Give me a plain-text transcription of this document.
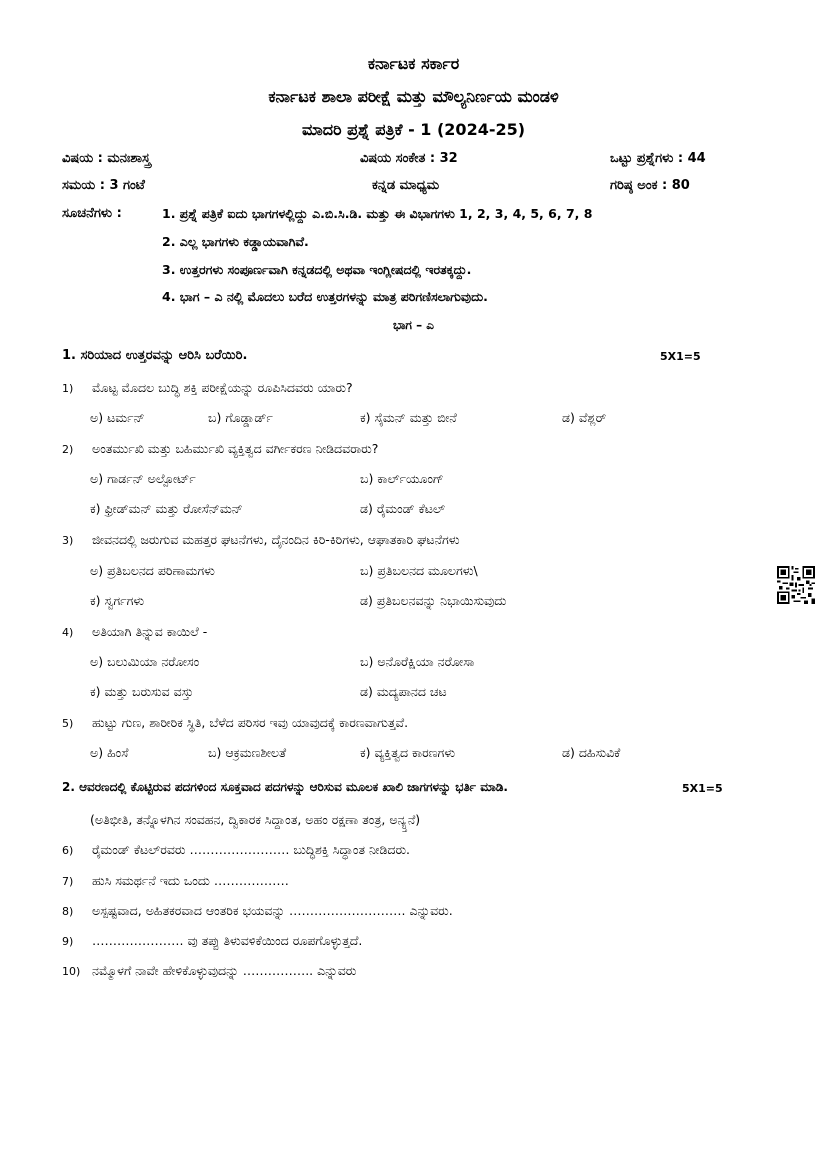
ಕರ್ನಾಟಕ ಸರ್ಕಾರ
ಕರ್ನಾಟಕ ಶಾಲಾ ಪರೀಕ್ಷೆ ಮತ್ತು ಮೌಲ್ಯನಿರ್ಣಯ ಮಂಡಳಿ
ಮಾದರಿ ಪ್ರಶ್ನೆ ಪತ್ರಿಕೆ - 1 (2024-25)
ವಿಷಯ : ಮನಃಶಾಸ್ತ್ರ	ವಿಷಯ ಸಂಕೇತ : 32	ಒಟ್ಟು ಪ್ರಶ್ನೆಗಳು : 44
ಸಮಯ : 3 ಗಂಟೆ	ಕನ್ನಡ ಮಾಧ್ಯಮ	ಗರಿಷ್ಠ ಅಂಕ : 80
ಸೂಚನೆಗಳು :	1. ಪ್ರಶ್ನೆ ಪತ್ರಿಕೆ ಐದು ಭಾಗಗಳಲ್ಲಿದ್ದು ಎ.ಬಿ.ಸಿ.ಡಿ. ಮತ್ತು ಈ ವಿಭಾಗಗಳು 1, 2, 3, 4, 5, 6, 7, 8
2. ಎಲ್ಲ ಭಾಗಗಳು ಕಡ್ಡಾಯವಾಗಿವೆ.
3. ಉತ್ತರಗಳು ಸಂಪೂರ್ಣವಾಗಿ ಕನ್ನಡದಲ್ಲಿ ಅಥವಾ ಇಂಗ್ಲೀಷದಲ್ಲಿ ಇರತಕ್ಕದ್ದು.
4. ಭಾಗ – ಎ ನಲ್ಲಿ ಮೊದಲು ಬರೆದ ಉತ್ತರಗಳನ್ನು ಮಾತ್ರ ಪರಿಗಣಿಸಲಾಗುವುದು.
ಭಾಗ – ಎ
1. ಸರಿಯಾದ ಉತ್ತರವನ್ನು ಆರಿಸಿ ಬರೆಯಿರಿ.	5X1=5
1) ಮೊಟ್ಟ ಮೊದಲ ಬುದ್ಧಿ ಶಕ್ತಿ ಪರೀಕ್ಷೆಯನ್ನು ರೂಪಿಸಿದವರು ಯಾರು?
ಅ) ಟರ್ಮನ್	ಬ) ಗೊಡ್ಡಾರ್ಡ್	ಕ) ಸೈಮನ್ ಮತ್ತು ಬೀನೆ	ಡ) ವೆಶ್ಲರ್
2) ಅಂತರ್ಮುಖಿ ಮತ್ತು ಬಹಿರ್ಮುಖಿ ವ್ಯಕ್ತಿತ್ವದ ವರ್ಗೀಕರಣ ನೀಡಿದವರಾರು?
ಅ) ಗಾರ್ಡನ್ ಅಲ್ಪೋರ್ಟ್	ಬ) ಕಾರ್ಲ್‌ಯೂಂಗ್
ಕ) ಫ್ರೀಡ್‌ಮನ್ ಮತ್ತು ರೋಸೆನ್‌ಮನ್	ಡ) ರೈಮಂಡ್ ಕೆಟಲ್
3) ಜೀವನದಲ್ಲಿ ಜರುಗುವ ಮಹತ್ತರ ಘಟನೆಗಳು, ದೈನಂದಿನ ಕಿರಿ-ಕಿರಿಗಳು, ಆಘಾತಕಾರಿ ಘಟನೆಗಳು
ಅ) ಪ್ರತಿಬಲನದ ಪರಿಣಾಮಗಳು	ಬ) ಪ್ರತಿಬಲನದ ಮೂಲಗಳು\
ಕ) ಸ್ವರ್ಗಗಳು	ಡ) ಪ್ರತಿಬಲನವನ್ನು ನಿಭಾಯಿಸುವುದು
4) ಅತಿಯಾಗಿ ತಿನ್ನುವ ಕಾಯಿಲೆ -
ಅ) ಬಲುಮಿಯಾ ನರೋಸಂ	ಬ) ಅನೊರೆಕ್ಷಿಯಾ ನರೋಸಾ
ಕ) ಮತ್ತು ಬರುಸುವ ವಸ್ತು	ಡ) ಮದ್ಯಪಾನದ ಚಟ
5) ಹುಟ್ಟು ಗುಣ, ಶಾರೀರಿಕ ಸ್ಥಿತಿ, ಬೆಳೆದ ಪರಿಸರ ಇವು ಯಾವುದಕ್ಕೆ ಕಾರಣವಾಗುತ್ತವೆ.
ಅ) ಹಿಂಸೆ	ಬ) ಆಕ್ರಮಣಶೀಲತೆ	ಕ) ವ್ಯಕ್ತಿತ್ವದ ಕಾರಣಗಳು	ಡ) ದಹಿಸುವಿಕೆ
2. ಆವರಣದಲ್ಲಿ ಕೊಟ್ಟಿರುವ ಪದಗಳಿಂದ ಸೂಕ್ತವಾದ ಪದಗಳನ್ನು ಆರಿಸುವ ಮೂಲಕ ಖಾಲಿ ಜಾಗಗಳನ್ನು ಭರ್ತಿ ಮಾಡಿ.	5X1=5
(ಅತಿಭೀತಿ, ತನ್ನೊಳಗಿನ ಸಂವಹನ, ದ್ವಿಕಾರಕ ಸಿದ್ದಾಂತ, ಅಹಂ ರಕ್ಷಣಾ ತಂತ್ರ, ಅನ್ಯ್ತನೆ)
6) ರೈಮಂಡ್ ಕೆಟಲ್‌ರವರು …………………… ಬುದ್ಧಿಶಕ್ತಿ ಸಿದ್ಧಾಂತ ನೀಡಿದರು.
7) ಹುಸಿ ಸಮರ್ಥನೆ ಇದು ಒಂದು ………………
8) ಅಸ್ಪಷ್ಟವಾದ, ಅಹಿತಕರವಾದ ಆಂತರಿಕ ಭಯವನ್ನು ………………………. ಎನ್ನುವರು.
9) …………………. ವು ತಪ್ಪು ತಿಳುವಳಿಕೆಯಿಂದ ರೂಪಗೊಳ್ಳುತ್ತದೆ.
10) ನಮ್ಮೊಳಗೆ ನಾವೇ ಹೇಳಿಕೊಳ್ಳುವುದನ್ನು …………….. ಎನ್ನುವರು
